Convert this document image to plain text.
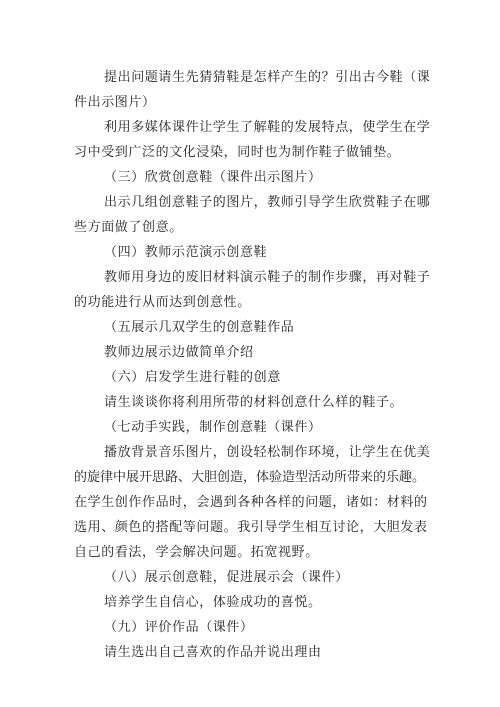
提出问题请生先猜猜鞋是怎样产生的？引出古今鞋（课
件出示图片）
利用多媒体课件让学生了解鞋的发展特点，使学生在学
习中受到广泛的文化浸染，同时也为制作鞋子做铺垫。
（三）欣赏创意鞋（课件出示图片）
出示几组创意鞋子的图片，教师引导学生欣赏鞋子在哪
些方面做了创意。
（四）教师示范演示创意鞋
教师用身边的废旧材料演示鞋子的制作步骤，再对鞋子
的功能进行从而达到创意性。
（五展示几双学生的创意鞋作品
教师边展示边做简单介绍
（六）启发学生进行鞋的创意
请生谈谈你将利用所带的材料创意什么样的鞋子。
（七动手实践，制作创意鞋（课件）
播放背景音乐图片，创设轻松制作环境，让学生在优美
的旋律中展开思路、大胆创造，体验造型活动所带来的乐趣。
在学生创作作品时，会遇到各种各样的问题，诸如：材料的
选用、颜色的搭配等问题。我引导学生相互讨论，大胆发表
自己的看法，学会解决问题。拓宽视野。
（八）展示创意鞋，促进展示会（课件）
培养学生自信心，体验成功的喜悦。
（九）评价作品（课件）
请生选出自己喜欢的作品并说出理由
